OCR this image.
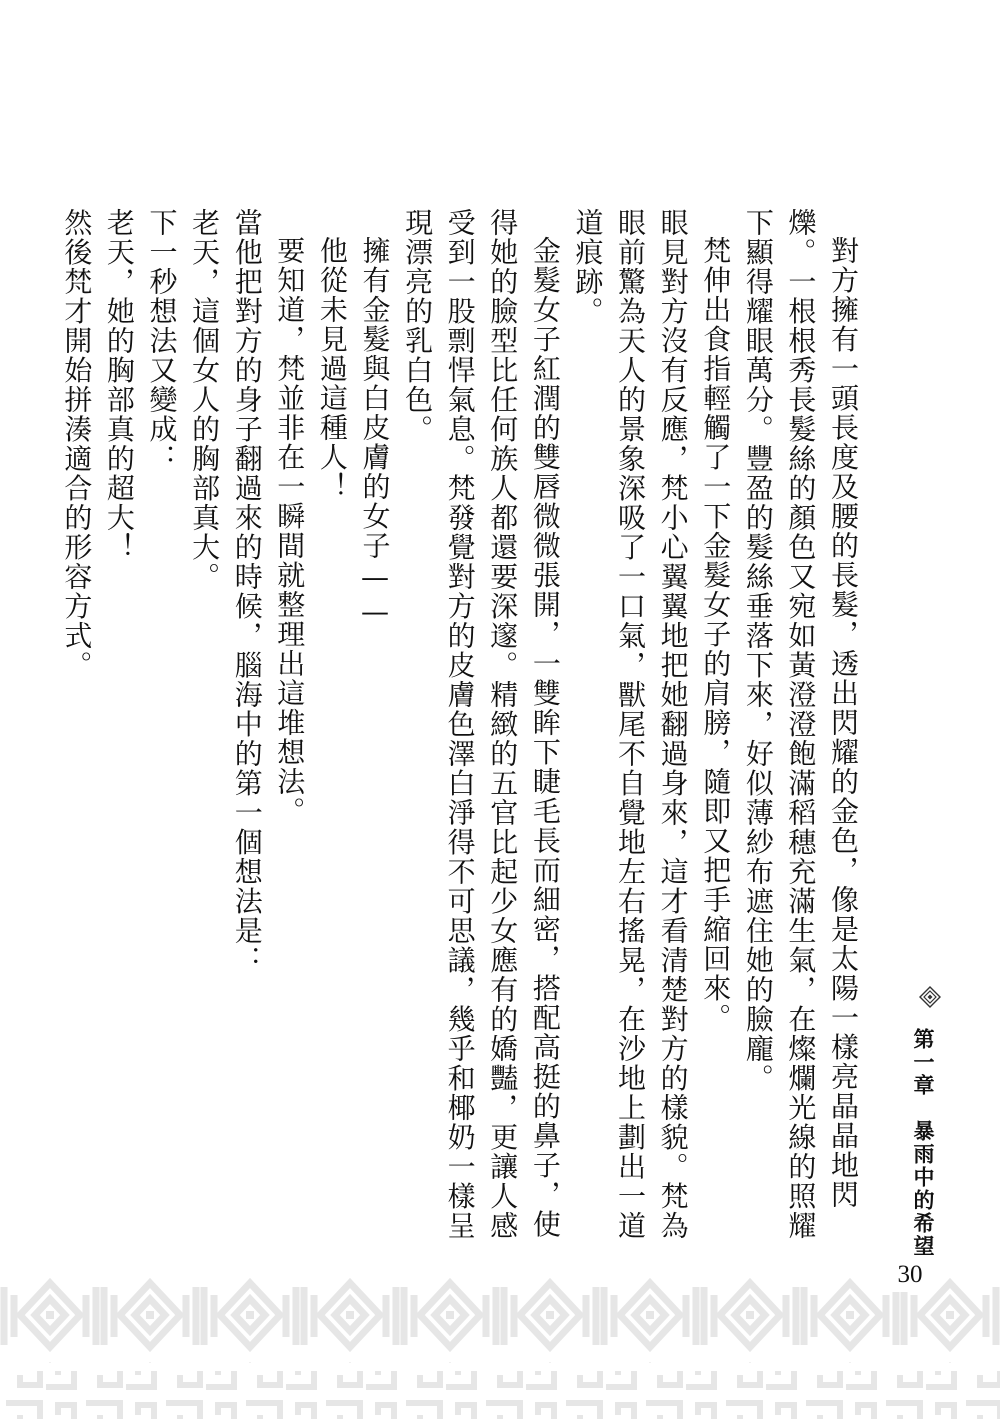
對方擁有一頭長度及腰的長髮，透出閃耀的金色，像是太陽一樣亮晶晶地閃爍。一根根秀長髮絲的顏色又宛如黃澄澄飽滿稻穗充滿生氣，在燦爛光線的照耀下顯得耀眼萬分。豐盈的髮絲垂落下來，好似薄紗布遮住她的臉龐。

梵伸出食指輕觸了一下金髮女子的肩膀，隨即又把手縮回來。

眼見對方沒有反應，梵小心翼翼地把她翻過身來，這才看清楚對方的樣貌。梵為眼前驚為天人的景象深吸了一口氣，獸尾不自覺地左右搖晃，在沙地上劃出一道道痕跡。

金髮女子紅潤的雙唇微微張開，一雙眸下睫毛長而細密，搭配高挺的鼻子，使得她的臉型比任何族人都還要深邃。精緻的五官比起少女應有的嬌豔，更讓人感受到一股剽悍氣息。梵發覺對方的皮膚色澤白淨得不可思議，幾乎和椰奶一樣呈現漂亮的乳白色。

擁有金髮與白皮膚的女子——

他從未見過這種人！

要知道，梵並非在一瞬間就整理出這堆想法。

當他把對方的身子翻過來的時候，腦海中的第一個想法是：

老天，這個女人的胸部真大。

下一秒想法又變成：

老天，她的胸部真的超大！

然後梵才開始拼湊適合的形容方式。

第一章　暴雨中的希望
30
